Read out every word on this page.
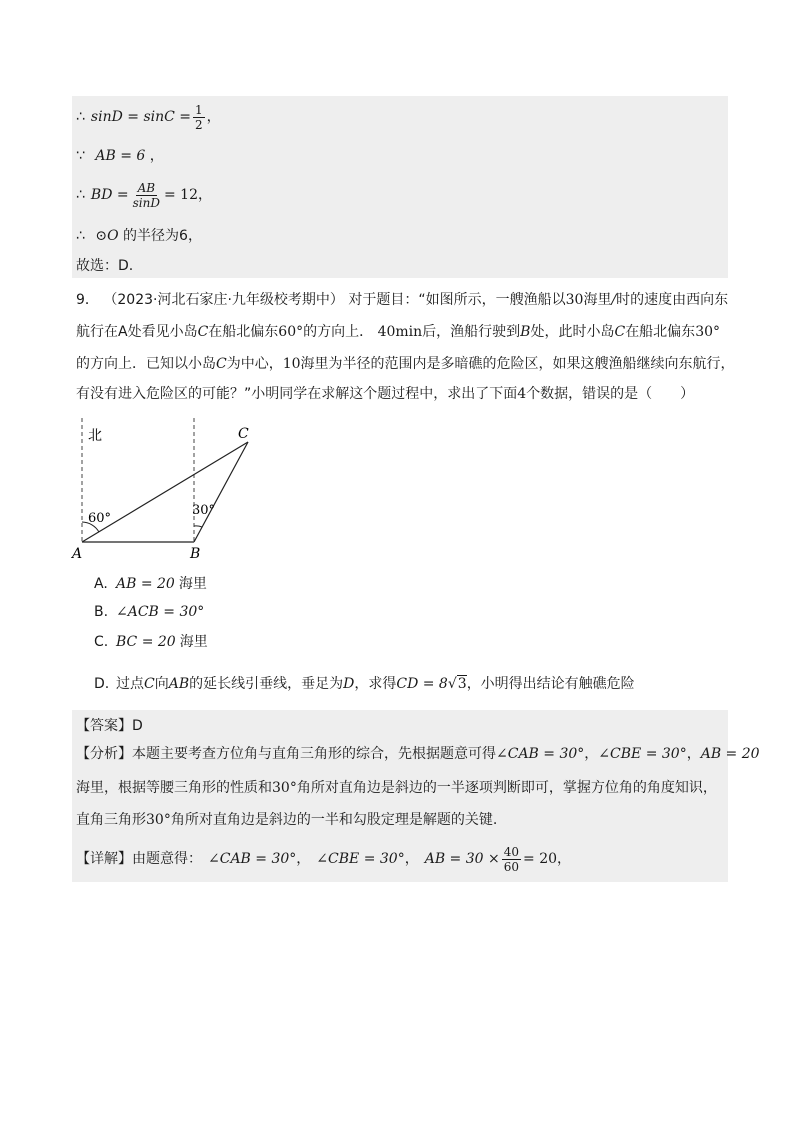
∴ $\sin D = \sin C = \frac{1}{2}$ ，
∵ AB = 6 ，
∴ BD = $\frac{AB}{\sin D} = 12$ ，
∴ ⊙O 的半径为6，
故选：D.
9． （2023·河北石家庄·九年级校考期中） 对于题目：“如图所示，一艘渔船以30海里/时的速度由西向东
航行在A处看见小岛C在船北偏东60°的方向上． 40min后，渔船行驶到B处，此时小岛C在船北偏东30°
的方向上．已知以小岛C为中心，10海里为半径的范围内是多暗礁的危险区，如果这艘渔船继续向东航行，
有没有进入危险区的可能？”小明同学在求解这个题过程中，求出了下面4个数据，错误的是（　　）
北
60°
30°
A	B
C
A. AB = 20 海里
B. ∠ACB = 30°
C. BC = 20 海里
D. 过点C向AB的延长线引垂线，垂足为D，求得CD = 8√3，小明得出结论有触礁危险
【答案】D
【分析】本题主要考查方位角与直角三角形的综合，先根据题意可得∠CAB = 30°，∠CBE = 30°，AB = 20
海里，根据等腰三角形的性质和30°角所对直角边是斜边的一半逐项判断即可，掌握方位角的角度知识，
直角三角形30°角所对直角边是斜边的一半和勾股定理是解题的关键.
【详解】 由题意得： ∠CAB = 30° ， ∠CBE = 30° ， AB = $30 \times \frac{40}{60} = 20$ ，
